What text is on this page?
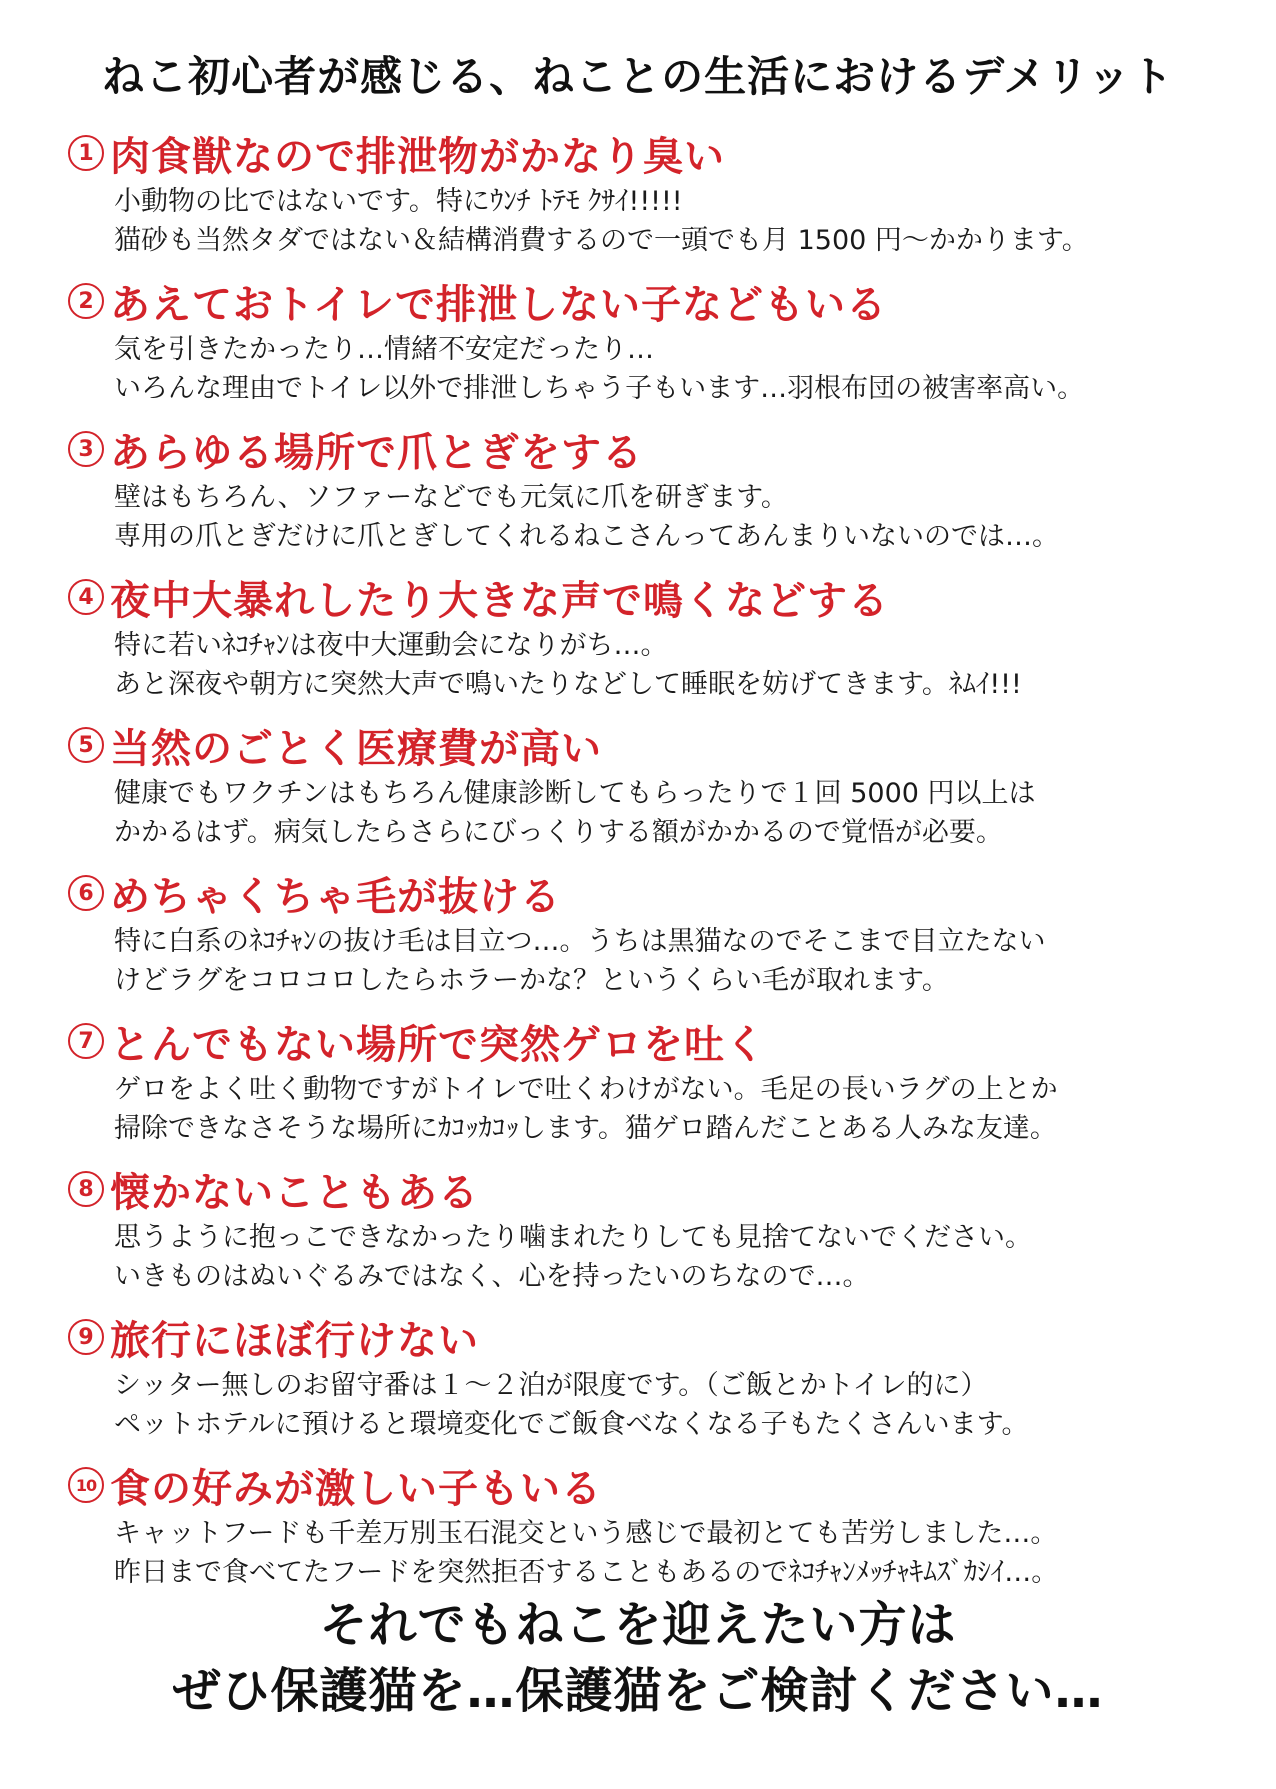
ねこ初心者が感じる、ねことの生活におけるデメリット
1 肉食獣なので排泄物がかなり臭い
小動物の比ではないです。特にｳﾝﾁ ﾄﾃﾓ ｸｻｲ!!!!!
猫砂も当然タダではない＆結構消費するので一頭でも月 1500 円〜かかります。
2 あえておトイレで排泄しない子などもいる
気を引きたかったり…情緒不安定だったり…
いろんな理由でトイレ以外で排泄しちゃう子もいます…羽根布団の被害率高い。
3 あらゆる場所で爪とぎをする
壁はもちろん、ソファーなどでも元気に爪を研ぎます。
専用の爪とぎだけに爪とぎしてくれるねこさんってあんまりいないのでは…。
4 夜中大暴れしたり大きな声で鳴くなどする
特に若いﾈｺﾁｬﾝは夜中大運動会になりがち…。
あと深夜や朝方に突然大声で鳴いたりなどして睡眠を妨げてきます。ﾈﾑｲ!!!
5 当然のごとく医療費が高い
健康でもワクチンはもちろん健康診断してもらったりで１回 5000 円以上は
かかるはず。病気したらさらにびっくりする額がかかるので覚悟が必要。
6 めちゃくちゃ毛が抜ける
特に白系のﾈｺﾁｬﾝの抜け毛は目立つ…。うちは黒猫なのでそこまで目立たない
けどラグをコロコロしたらホラーかな？というくらい毛が取れます。
7 とんでもない場所で突然ゲロを吐く
ゲロをよく吐く動物ですがトイレで吐くわけがない。毛足の長いラグの上とか
掃除できなさそうな場所にｶｺｯｶｺｯします。猫ゲロ踏んだことある人みな友達。
8 懐かないこともある
思うように抱っこできなかったり噛まれたりしても見捨てないでください。
いきものはぬいぐるみではなく、心を持ったいのちなので…。
9 旅行にほぼ行けない
シッター無しのお留守番は１〜２泊が限度です。（ご飯とかトイレ的に）
ペットホテルに預けると環境変化でご飯食べなくなる子もたくさんいます。
10 食の好みが激しい子もいる
キャットフードも千差万別玉石混交という感じで最初とても苦労しました…。
昨日まで食べてたフードを突然拒否することもあるのでﾈｺﾁｬﾝﾒｯﾁｬｷﾑｽﾞｶｼｲ…。
それでもねこを迎えたい方は
ぜひ保護猫を…保護猫をご検討ください…
